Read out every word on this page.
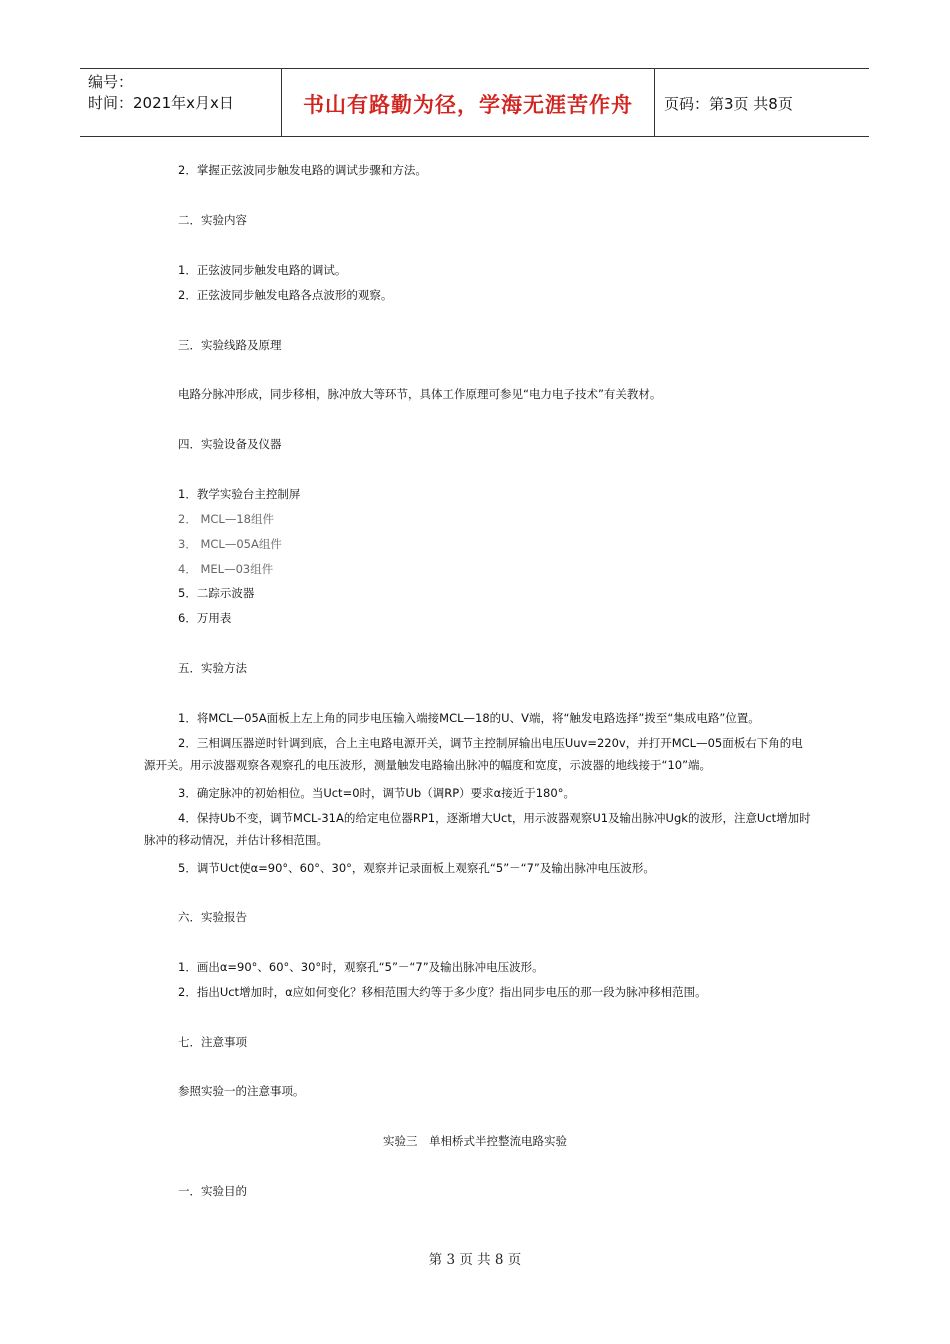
编号：
时间：2021年x月x日	书山有路勤为径，学海无涯苦作舟 页码：第3页 共8页
2．掌握正弦波同步触发电路的调试步骤和方法。
二．实验内容
1．正弦波同步触发电路的调试。
2．正弦波同步触发电路各点波形的观察。
三．实验线路及原理
电路分脉冲形成，同步移相，脉冲放大等环节，具体工作原理可参见“电力电子技术”有关教材。
四．实验设备及仪器
1．教学实验台主控制屏
2． MCL—18组件
3． MCL—05A组件
4． MEL—03组件
5．二踪示波器
6．万用表
五．实验方法
1．将MCL—05A面板上左上角的同步电压输入端接MCL—18的U、V端，将“触发电路选择”拨至“集成电路”位置。
2．三相调压器逆时针调到底，合上主电路电源开关，调节主控制屏输出电压Uuv=220v，并打开MCL—05面板右下角的电源开关。用示波器观察各观察孔的电压波形，测量触发电路输出脉冲的幅度和宽度，示波器的地线接于“10”端。
3．确定脉冲的初始相位。当Uct=0时，调节Ub（调RP）要求α接近于180°。
4．保持Ub不变，调节MCL-31A的给定电位器RP1，逐渐增大Uct，用示波器观察U1及输出脉冲Ugk的波形，注意Uct增加时脉冲的移动情况，并估计移相范围。
5．调节Uct使α=90°、60°、30°，观察并记录面板上观察孔“5”－“7”及输出脉冲电压波形。
六．实验报告
1．画出α=90°、60°、30°时，观察孔“5”－“7”及输出脉冲电压波形。
2．指出Uct增加时，α应如何变化？移相范围大约等于多少度？指出同步电压的那一段为脉冲移相范围。
七．注意事项
参照实验一的注意事项。
实验三　单相桥式半控整流电路实验
一．实验目的
第 3 页 共 8 页
